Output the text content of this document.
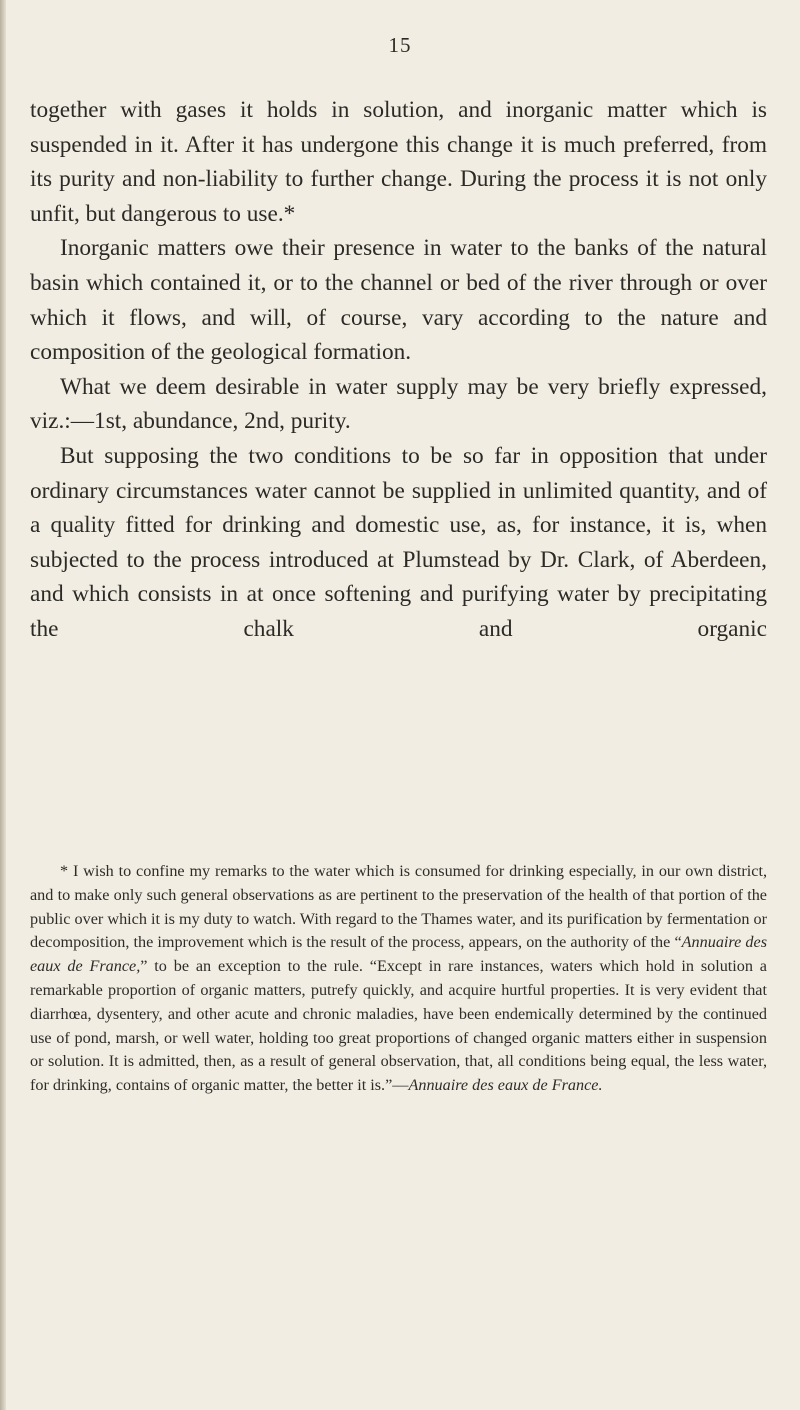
15

together with gases it holds in solution, and inorganic matter which is suspended in it. After it has undergone this change it is much preferred, from its purity and non-liability to further change. During the process it is not only unfit, but dangerous to use.*

Inorganic matters owe their presence in water to the banks of the natural basin which contained it, or to the channel or bed of the river through or over which it flows, and will, of course, vary according to the nature and composition of the geological formation.

What we deem desirable in water supply may be very briefly expressed, viz.:—1st, abundance, 2nd, purity.

But supposing the two conditions to be so far in opposition that under ordinary circumstances water cannot be supplied in unlimited quantity, and of a quality fitted for drinking and domestic use, as, for instance, it is, when subjected to the process introduced at Plumstead by Dr. Clark, of Aberdeen, and which consists in at once softening and purifying water by precipitating the chalk and organic

* I wish to confine my remarks to the water which is consumed for drinking especially, in our own district, and to make only such general observations as are pertinent to the preservation of the health of that portion of the public over which it is my duty to watch. With regard to the Thames water, and its purification by fermentation or decomposition, the improvement which is the result of the process, appears, on the authority of the “Annuaire des eaux de France,” to be an exception to the rule. “Except in rare instances, waters which hold in solution a remarkable proportion of organic matters, putrefy quickly, and acquire hurtful properties. It is very evident that diarrhœa, dysentery, and other acute and chronic maladies, have been endemically determined by the continued use of pond, marsh, or well water, holding too great proportions of changed organic matters either in suspension or solution. It is admitted, then, as a result of general observation, that, all conditions being equal, the less water, for drinking, contains of organic matter, the better it is.”—Annuaire des eaux de France.
